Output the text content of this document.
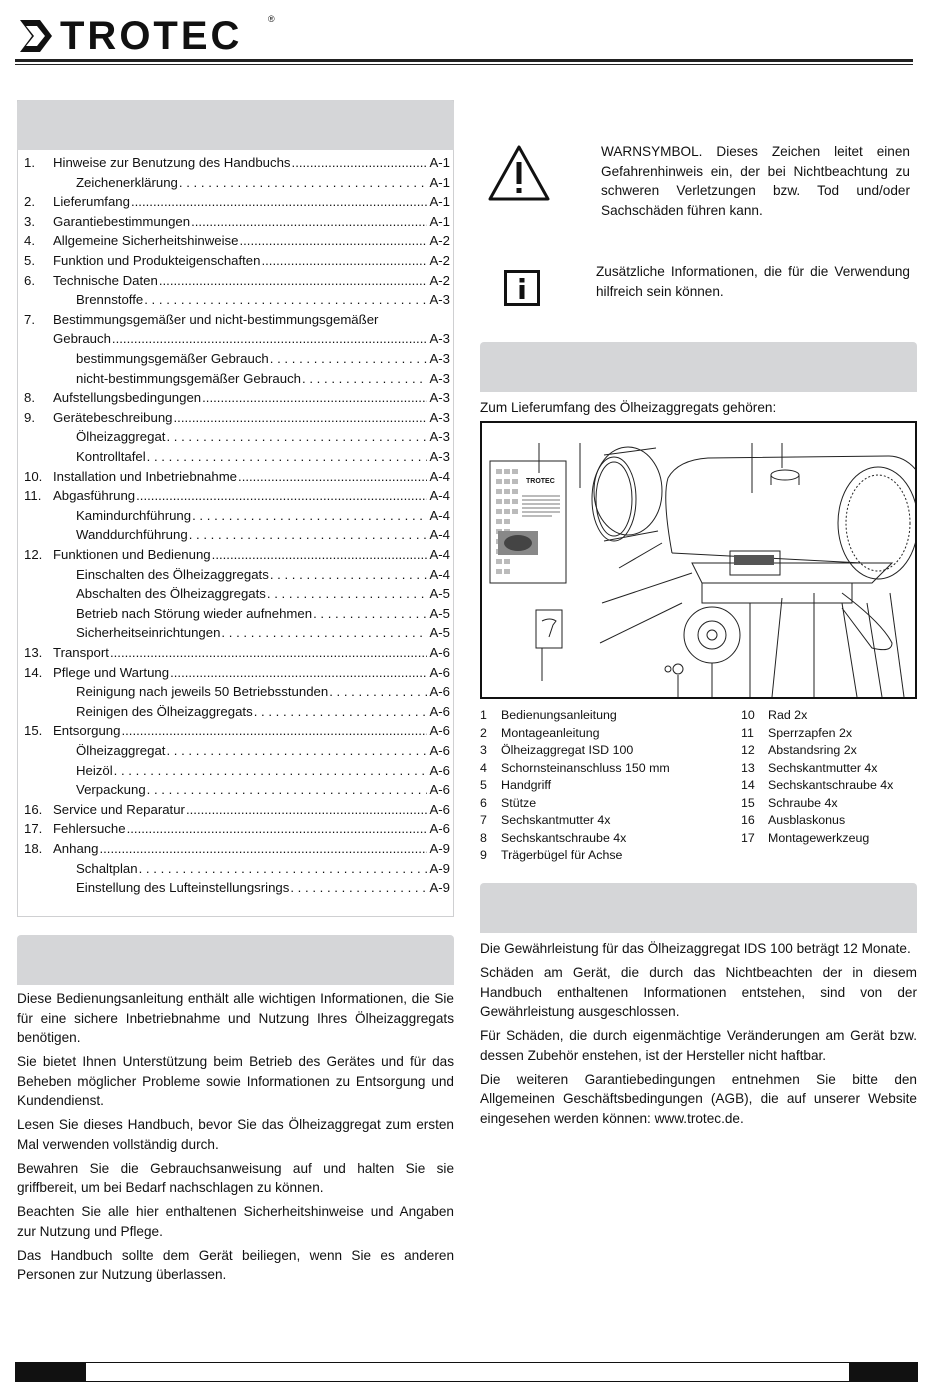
TROTEC	®
1.	Hinweise zur Benutzung des Handbuchs .....	A-1
Zeichenerklärung . . .	A-1
2.	Lieferumfang .....	A-1
3.	Garantiebestimmungen .....	A-1
4.	Allgemeine Sicherheitshinweise .....	A-2
5.	Funktion und Produkteigenschaften .....	A-2
6.	Technische Daten .....	A-2
Brennstoffe . . .	A-3
7.	Bestimmungsgemäßer und nicht-bestimmungsgemäßer
Gebrauch .....	A-3
bestimmungsgemäßer Gebrauch . . .	A-3
nicht-bestimmungsgemäßer Gebrauch . . .	A-3
8.	Aufstellungsbedingungen .....	A-3
9.	Gerätebeschreibung .....	A-3
Ölheizaggregat . . .	A-3
Kontrolltafel . . .	A-3
10. Installation und Inbetriebnahme .....	A-4
11. Abgasführung .....	A-4
Kamindurchführung . . .	A-4
Wanddurchführung . . .	A-4
12. Funktionen und Bedienung .....	A-4
Einschalten des Ölheizaggregats . . .	A-4
Abschalten des Ölheizaggregats . . .	A-5
Betrieb nach Störung wieder aufnehmen . . .	A-5
Sicherheitseinrichtungen . . .	A-5
13. Transport .....	A-6
14. Pflege und Wartung .....	A-6
Reinigung nach jeweils 50 Betriebsstunden . . .	A-6
Reinigen des Ölheizaggregats . . .	A-6
15. Entsorgung .....	A-6
Ölheizaggregat . . .	A-6
Heizöl . . .	A-6
Verpackung . . .	A-6
16. Service und Reparatur .....	A-6
17. Fehlersuche .....	A-6
18. Anhang .....	A-9
Schaltplan . . .	A-9
Einstellung des Lufteinstellungsrings . . .	A-9

Diese Bedienungsanleitung enthält alle wichtigen Informationen, die Sie für eine sichere Inbetriebnahme und Nutzung Ihres Ölheizaggregats benötigen.

Sie bietet Ihnen Unterstützung beim Betrieb des Gerätes und für das Beheben möglicher Probleme sowie Informationen zu Entsorgung und Kundendienst.

Lesen Sie dieses Handbuch, bevor Sie das Ölheizaggregat zum ersten Mal verwenden vollständig durch.

Bewahren Sie die Gebrauchsanweisung auf und halten Sie sie griffbereit, um bei Bedarf nachschlagen zu können.

Beachten Sie alle hier enthaltenen Sicherheitshinweise und Angaben zur Nutzung und Pflege.

Das Handbuch sollte dem Gerät beiliegen, wenn Sie es anderen Personen zur Nutzung überlassen.

WARNSYMBOL. Dieses Zeichen leitet einen Gefahrenhinweis ein, der bei Nichtbeachtung zu schweren Verletzungen bzw. Tod und/oder Sachschäden führen kann.
Zusätzliche Informationen, die für die Verwendung hilfreich sein können.
Zum Lieferumfang des Ölheizaggregats gehören:
TROTEC
1 Bedienungsanleitung
2 Montageanleitung
3 Ölheizaggregat ISD 100
4 Schornsteinanschluss 150 mm
5 Handgriff
6 Stütze
7 Sechskantmutter 4x
8 Sechskantschraube 4x
9 Trägerbügel für Achse
10 Rad 2x
11 Sperrzapfen 2x
12 Abstandsring 2x
13 Sechskantmutter 4x
14 Sechskantschraube 4x
15 Schraube 4x
16 Ausblaskonus
17 Montagewerkzeug

Die Gewährleistung für das Ölheizaggregat IDS 100 beträgt 12 Monate.

Schäden am Gerät, die durch das Nichtbeachten der in diesem Handbuch enthaltenen Informationen entstehen, sind von der Gewährleistung ausgeschlossen.

Für Schäden, die durch eigenmächtige Veränderungen am Gerät bzw. dessen Zubehör enstehen, ist der Hersteller nicht haftbar.

Die weiteren Garantiebedingungen entnehmen Sie bitte den Allgemeinen Geschäftsbedingungen (AGB), die auf unserer Website eingesehen werden können: www.trotec.de.
